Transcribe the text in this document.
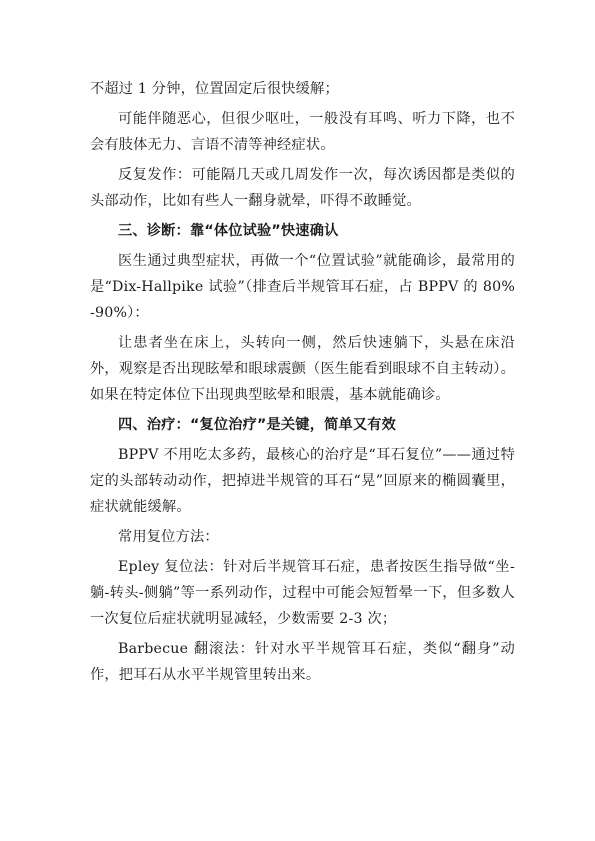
不超过 1 分钟，位置固定后很快缓解；

可能伴随恶心，但很少呕吐，一般没有耳鸣、听力下降，也不会有肢体无力、言语不清等神经症状。

反复发作：可能隔几天或几周发作一次，每次诱因都是类似的头部动作，比如有些人一翻身就晕，吓得不敢睡觉。

三、诊断：靠“体位试验”快速确认

医生通过典型症状，再做一个“位置试验”就能确诊，最常用的是“Dix-Hallpike 试验”（排查后半规管耳石症，占 BPPV 的 80%-90%）：

让患者坐在床上，头转向一侧，然后快速躺下，头悬在床沿外，观察是否出现眩晕和眼球震颤（医生能看到眼球不自主转动）。如果在特定体位下出现典型眩晕和眼震，基本就能确诊。

四、治疗：“复位治疗”是关键，简单又有效

BPPV 不用吃太多药，最核心的治疗是“耳石复位”——通过特定的头部转动动作，把掉进半规管的耳石“晃”回原来的椭圆囊里，症状就能缓解。

常用复位方法：

Epley 复位法：针对后半规管耳石症，患者按医生指导做“坐-躺-转头-侧躺”等一系列动作，过程中可能会短暂晕一下，但多数人一次复位后症状就明显减轻，少数需要 2-3 次；

Barbecue 翻滚法：针对水平半规管耳石症，类似“翻身”动作，把耳石从水平半规管里转出来。
